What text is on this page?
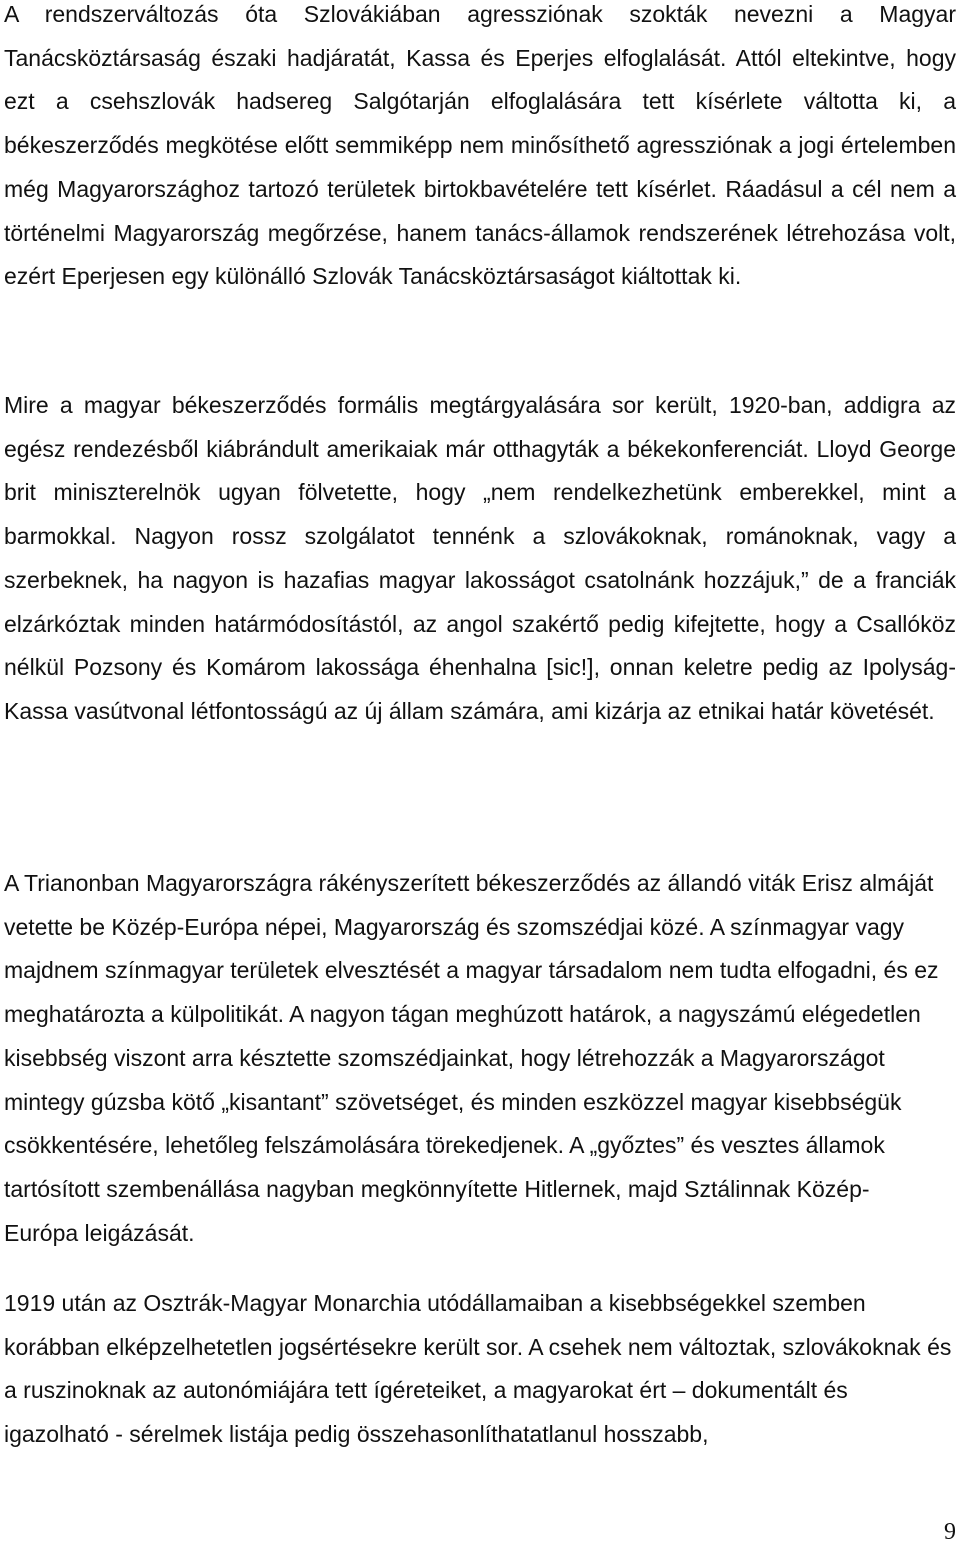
A rendszerváltozás óta Szlovákiában agressziónak szokták nevezni a Magyar Tanácsköztársaság északi hadjáratát, Kassa és Eperjes elfoglalását. Attól eltekintve, hogy ezt a csehszlovák hadsereg Salgótarján elfoglalására tett kísérlete váltotta ki, a békeszerződés megkötése előtt semmiképp nem minősíthető agressziónak a jogi értelemben még Magyarországhoz tartozó területek birtokbavételére tett kísérlet. Ráadásul a cél nem a történelmi Magyarország megőrzése, hanem tanács-államok rendszerének létrehozása volt, ezért Eperjesen egy különálló Szlovák Tanácsköztársaságot kiáltottak ki.

Mire a magyar békeszerződés formális megtárgyalására sor került, 1920-ban, addigra az egész rendezésből kiábrándult amerikaiak már otthagyták a békekonferenciát. Lloyd George brit miniszterelnök ugyan fölvetette, hogy „nem rendelkezhetünk emberekkel, mint a barmokkal. Nagyon rossz szolgálatot tennénk a szlovákoknak, románoknak, vagy a szerbeknek, ha nagyon is hazafias magyar lakosságot csatolnánk hozzájuk,” de a franciák elzárkóztak minden határmódosítástól, az angol szakértő pedig kifejtette, hogy a Csallóköz nélkül Pozsony és Komárom lakossága éhenhalna [sic!], onnan keletre pedig az Ipolyság-Kassa vasútvonal létfontosságú az új állam számára, ami kizárja az etnikai határ követését.

A Trianonban Magyarországra rákényszerített békeszerződés az állandó viták Erisz almáját vetette be Közép-Európa népei, Magyarország és szomszédjai közé. A színmagyar vagy majdnem színmagyar területek elvesztését a magyar társadalom nem tudta elfogadni, és ez meghatározta a külpolitikát. A nagyon tágan meghúzott határok, a nagyszámú elégedetlen kisebbség viszont arra késztette szomszédjainkat, hogy létrehozzák a Magyarországot mintegy gúzsba kötő „kisantant” szövetséget, és minden eszközzel magyar kisebbségük csökkentésére, lehetőleg felszámolására törekedjenek. A „győztes” és vesztes államok tartósított szembenállása nagyban megkönnyítette Hitlernek, majd Sztálinnak Közép-Európa leigázását.

1919 után az Osztrák-Magyar Monarchia utódállamaiban a kisebbségekkel szemben korábban elképzelhetetlen jogsértésekre került sor. A csehek nem változtak, szlovákoknak és a ruszinoknak az autonómiájára tett ígéreteiket, a magyarokat ért – dokumentált és igazolható - sérelmek listája pedig összehasonlíthatatlanul hosszabb,

9
